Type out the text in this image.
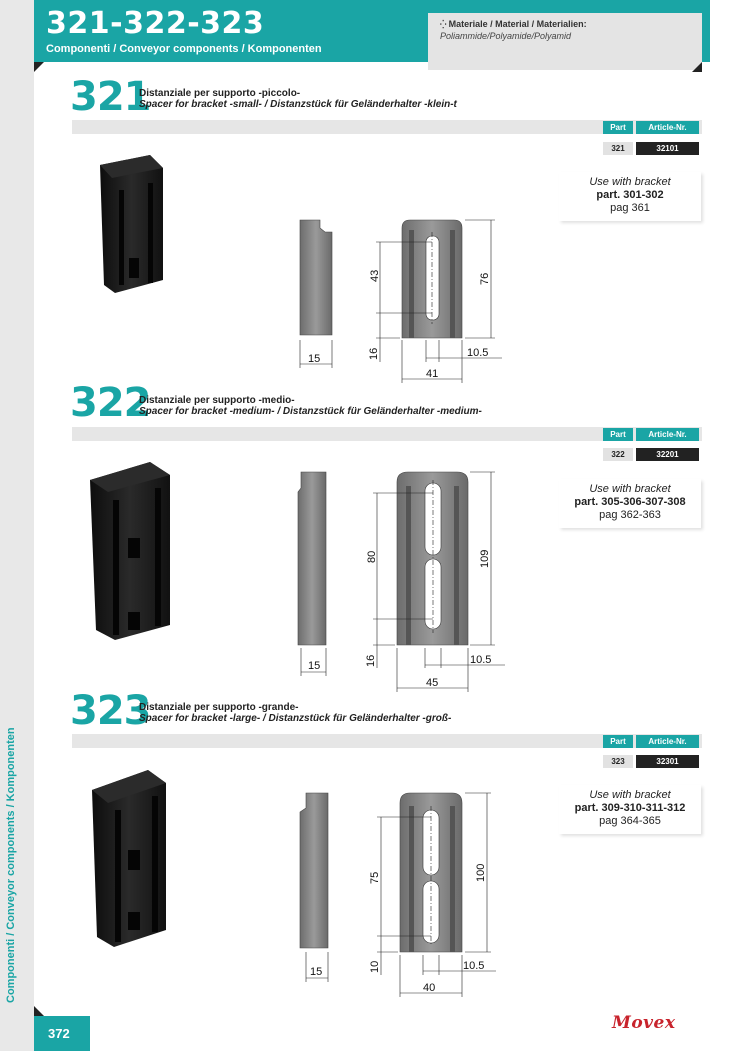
Componenti / Conveyor components / Komponenten
321-322-323
Componenti / Conveyor components / Komponenten
⁛ Materiale / Material / Materialien:
Poliammide/Polyamide/Polyamid
321
Distanziale per supporto -piccolo-
Spacer for bracket -small- / Distanzstück für Geländerhalter -klein-t
Part	Article-Nr.
321	32101
Use with bracket
part. 301-302
pag 361
322
Distanziale per supporto -medio-
Spacer for bracket -medium- / Distanzstück für Geländerhalter -medium-
Part	Article-Nr.
322	32201
Use with bracket
part. 305-306-307-308
pag 362-363
323
Distanziale per supporto -grande-
Spacer for bracket -large- / Distanzstück für Geländerhalter -groß-
Part	Article-Nr.
323	32301
Use with bracket
part. 309-310-311-312
pag 364-365
15
43	76
16	10.5
41
15
80	109
16	10.5
45
15
75	100
10	10.5
40
372
Movex
